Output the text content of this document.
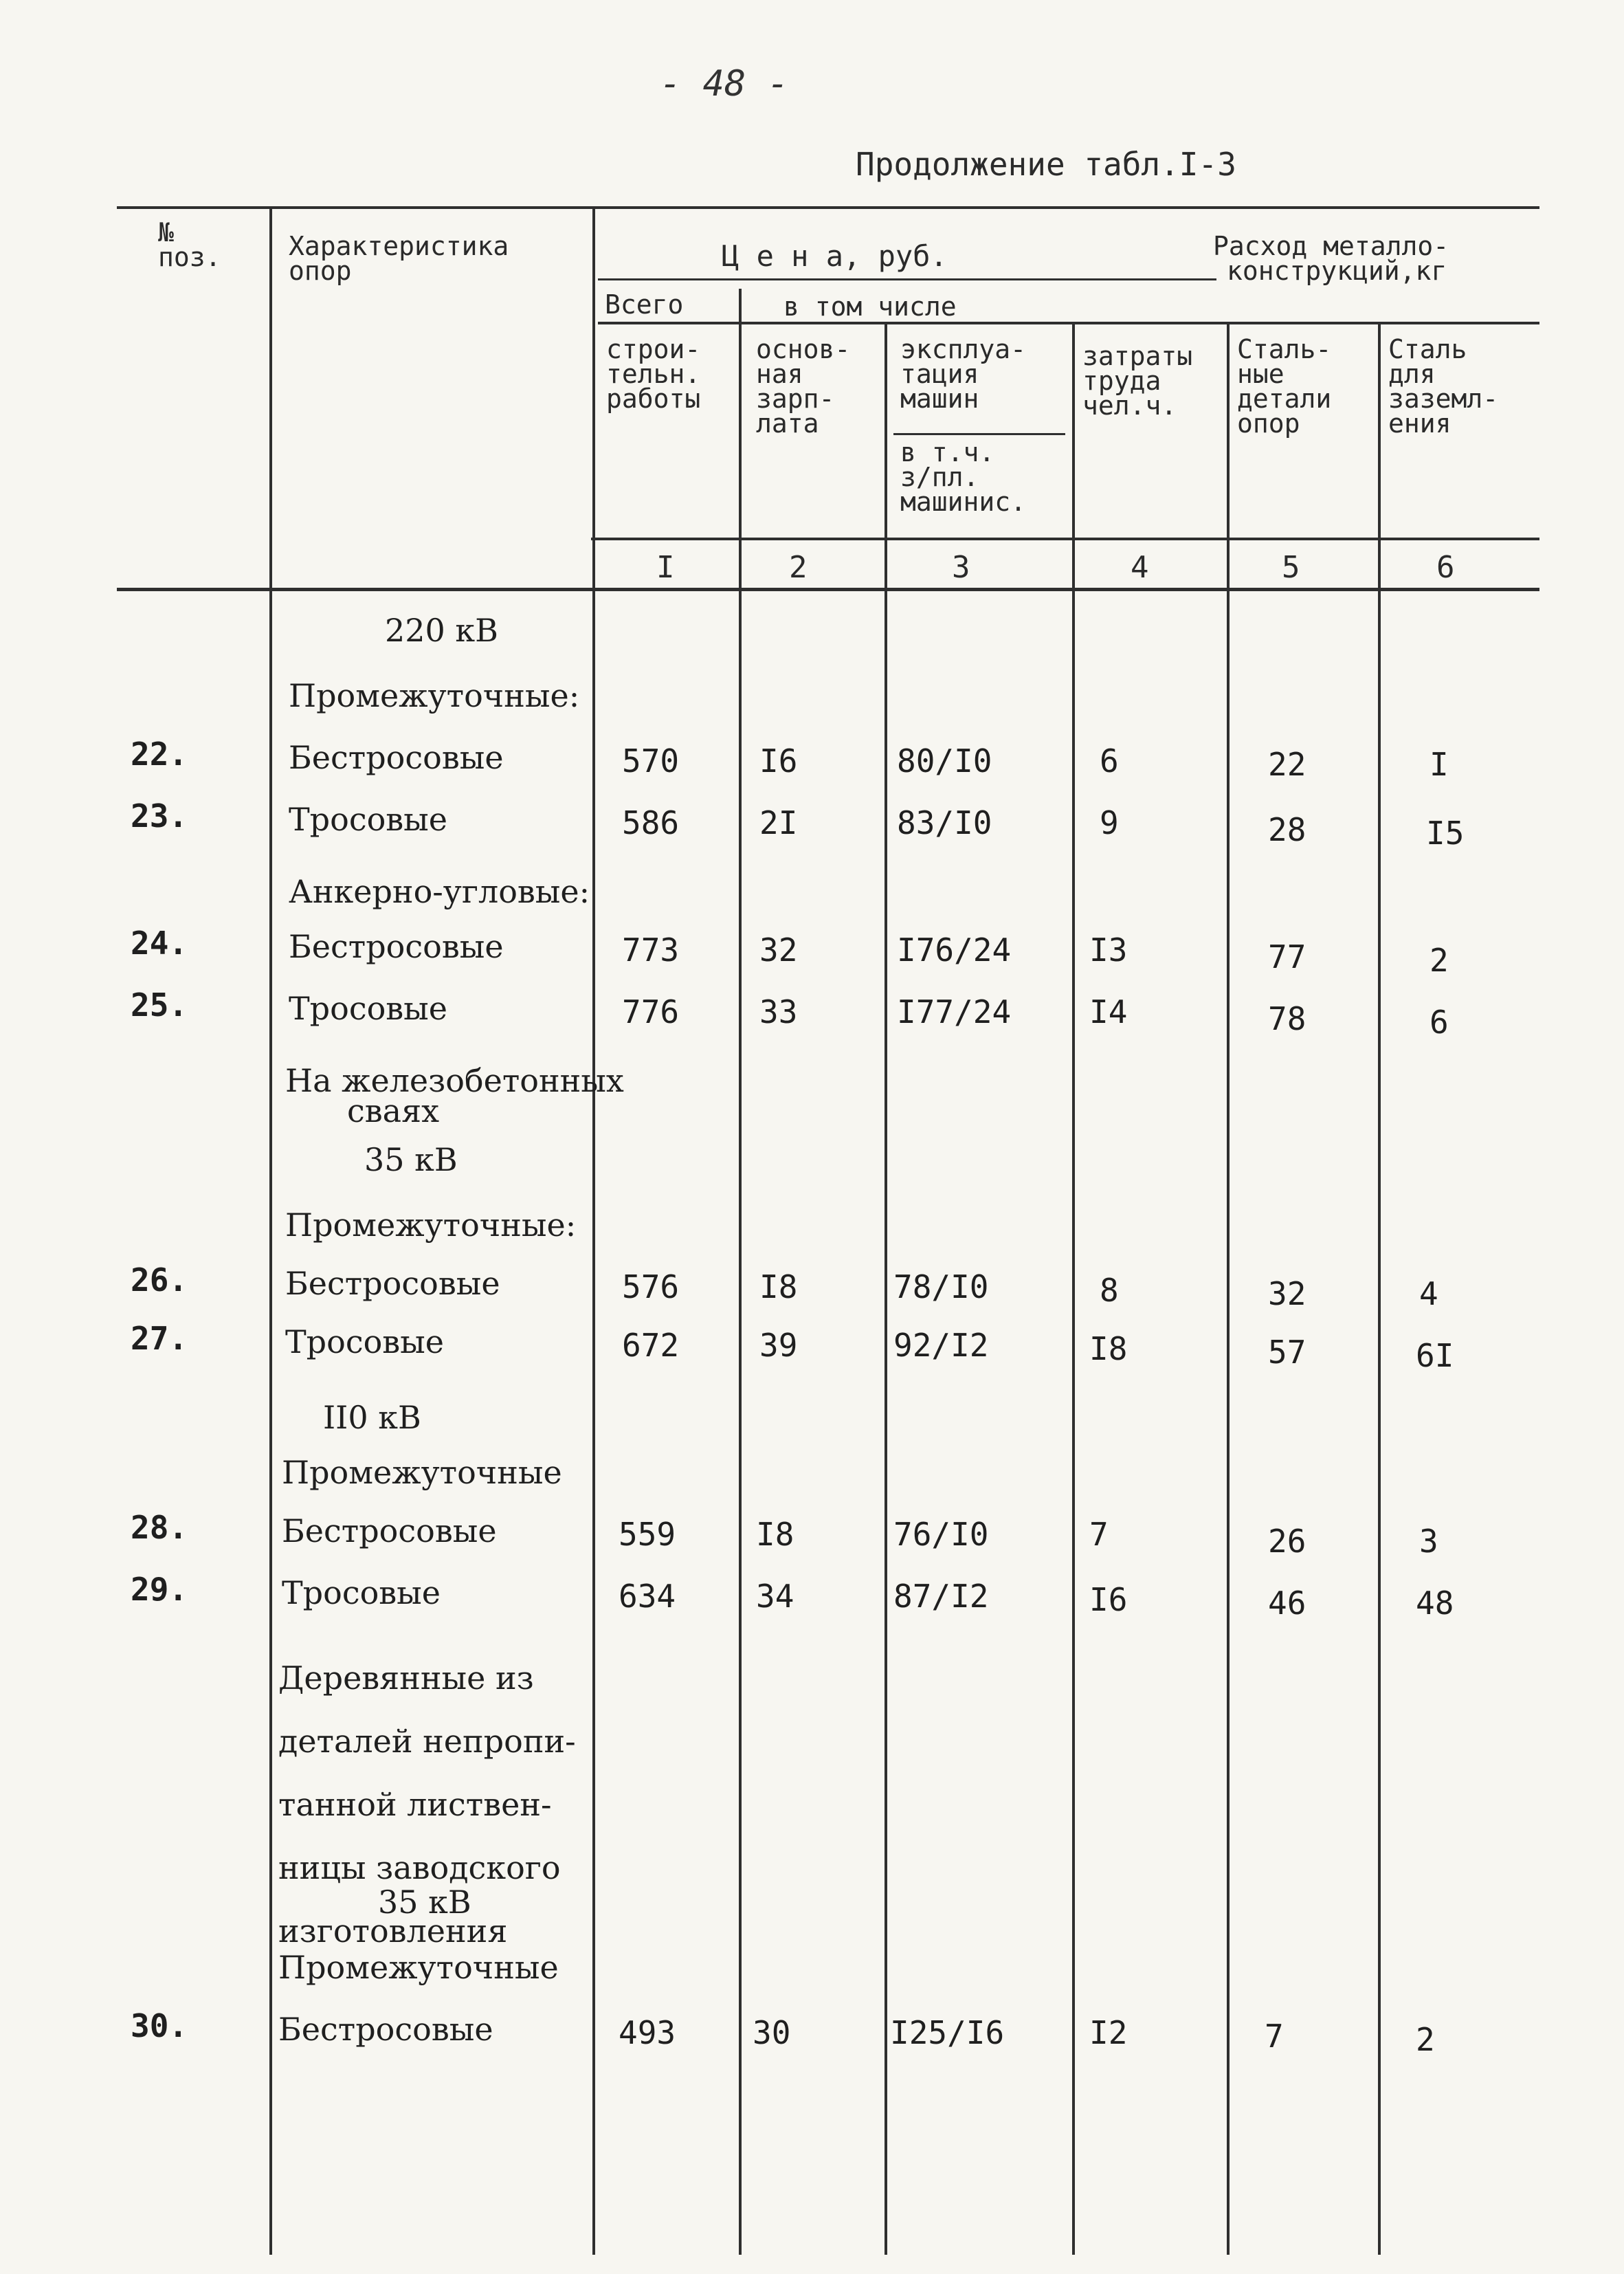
- 48 -
Продолжение табл.I-3
№
поз.	Характеристика
опор	Ц е н а, руб.	Расход металло-
конструкций,кг
Всего	в том числе
строи-
тельн.
работы
основ-
ная
зарп-
лата
эксплуа-
тация
машин
в т.ч.
з/пл.
машинис.
затраты
труда
чел.ч.
Сталь-
ные
детали
опор
Сталь
для
заземл-
ения
I	2	3	4	5	6
220 кВ
Промежуточные:
Анкерно-угловые:
На железобетонных
сваях
35 кВ
Промежуточные:
II0 кВ
Промежуточные
Деревянные из
деталей непропи-
танной листвен-
ницы заводского
изготовления
35 кВ
Промежуточные
22.	Бестросовые	570	I6	80/I0	6	22	I
23.	Тросовые	586	2I	83/I0	9	28	I5
24.	Бестросовые	773	32	I76/24 I3	77	2
25.	Тросовые	776	33	I77/24 I4	78	6
26.	Бестросовые	576	I8	78/I0	8	32	4
27.	Тросовые	672	39	92/I2	I8	57	6I
28.	Бестросовые	559	I8	76/I0	7	26	3
29.	Тросовые	634	34	87/I2	I6	46	48
30.	Бестросовые	493 30	I25/I6	I2	7	2
